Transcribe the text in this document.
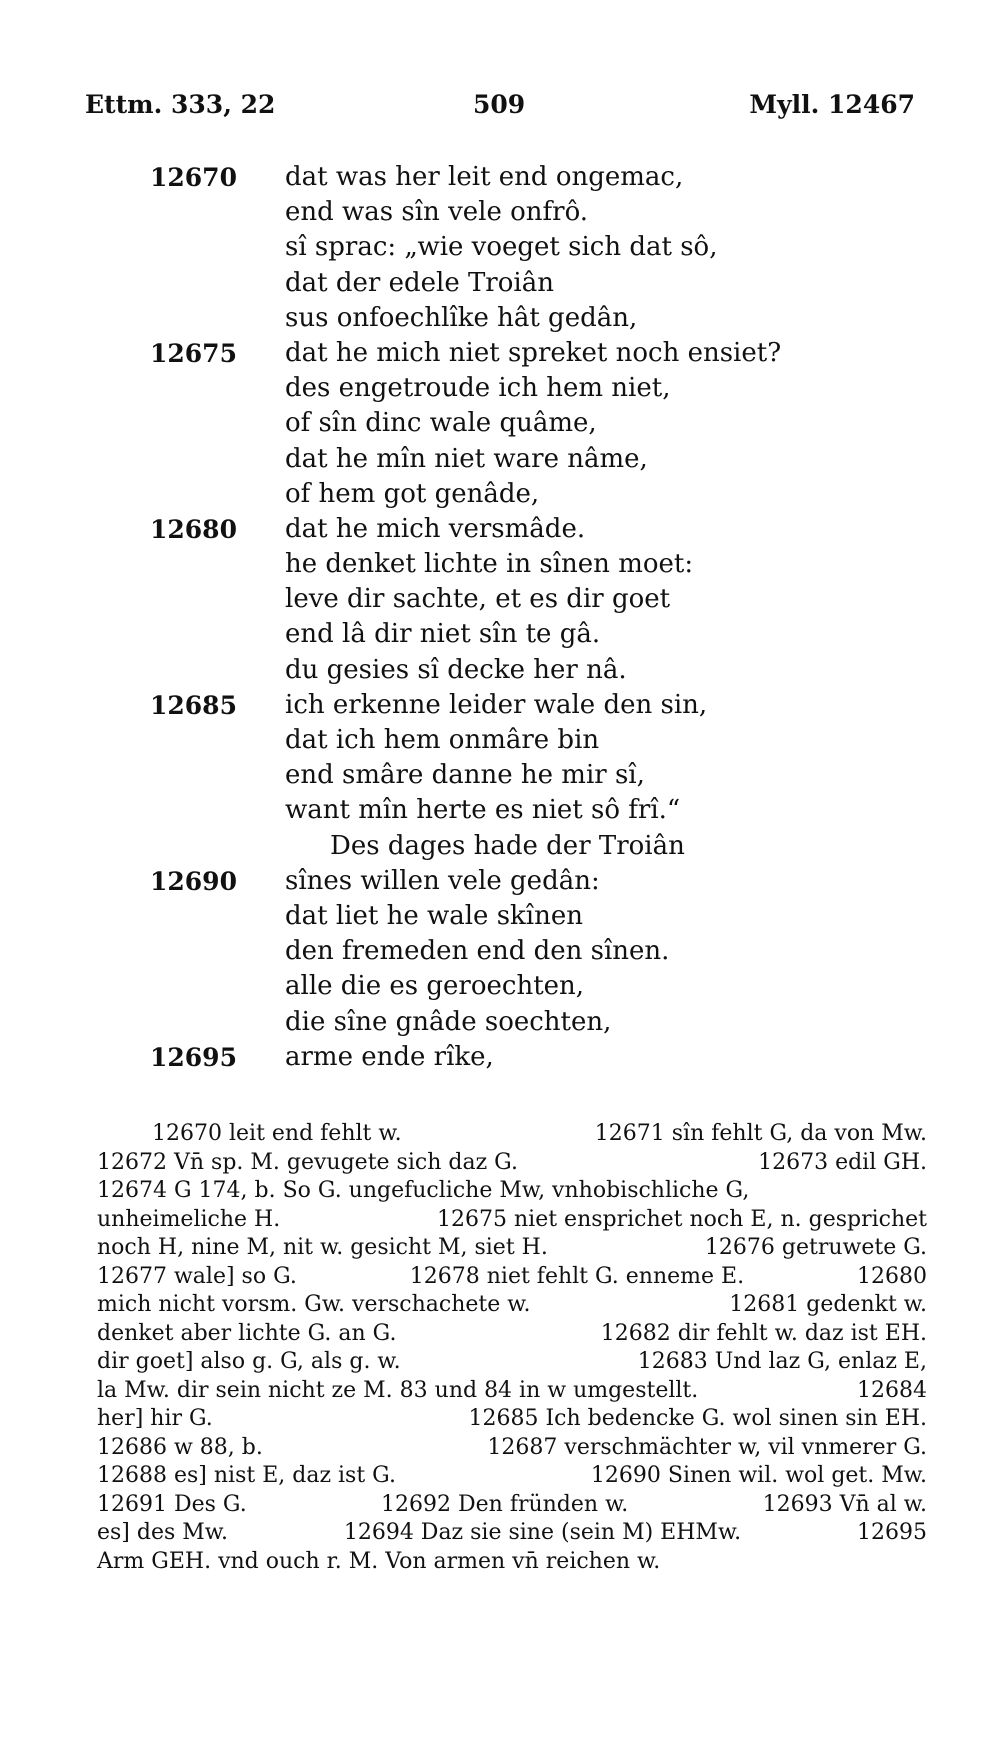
Ettm. 333, 22	509	Myll. 12467
12670	dat was her leit end ongemac,
end was sîn vele onfrô.
sî sprac: „wie voeget sich dat sô,
dat der edele Troiân
sus onfoechlîke hât gedân,
12675	dat he mich niet spreket noch ensiet?
des engetroude ich hem niet,
of sîn dinc wale quâme,
dat he mîn niet ware nâme,
of hem got genâde,
12680	dat he mich versmâde.
he denket lichte in sînen moet:
leve dir sachte, et es dir goet
end lâ dir niet sîn te gâ.
du gesies sî decke her nâ.
12685	ich erkenne leider wale den sin,
dat ich hem onmâre bin
end smâre danne he mir sî,
want mîn herte es niet sô frî.“
Des dages hade der Troiân
12690	sînes willen vele gedân:
dat liet he wale skînen
den fremeden end den sînen.
alle die es geroechten,
die sîne gnâde soechten,
12695	arme ende rîke,
12670 leit end fehlt w.	12671 sîn fehlt G, da von Mw.
12672 Vn̄ sp. M. gevugete sich daz G.	12673 edil GH.
12674 G 174, b. So G. ungefucliche Mw, vnhobischliche G,
unheimeliche H.	12675 niet ensprichet noch E, n. gesprichet
noch H, nine M, nit w. gesicht M, siet H.	12676 getruwete G.
12677 wale] so G.	12678 niet fehlt G. enneme E.	12680
mich nicht vorsm. Gw. verschachete w.	12681 gedenkt w.
denket aber lichte G. an G.	12682 dir fehlt w. daz ist EH.
dir goet] also g. G, als g. w.	12683 Und laz G, enlaz E,
la Mw. dir sein nicht ze M. 83 und 84 in w umgestellt.	12684
her] hir G.	12685 Ich bedencke G. wol sinen sin EH.
12686 w 88, b.	12687 verschmächter w, vil vnmerer G.
12688 es] nist E, daz ist G.	12690 Sinen wil. wol get. Mw.
12691 Des G.	12692 Den fründen w.	12693 Vn̄ al w.
es] des Mw.	12694 Daz sie sine (sein M) EHMw.	12695
Arm GEH. vnd ouch r. M. Von armen vn̄ reichen w.
